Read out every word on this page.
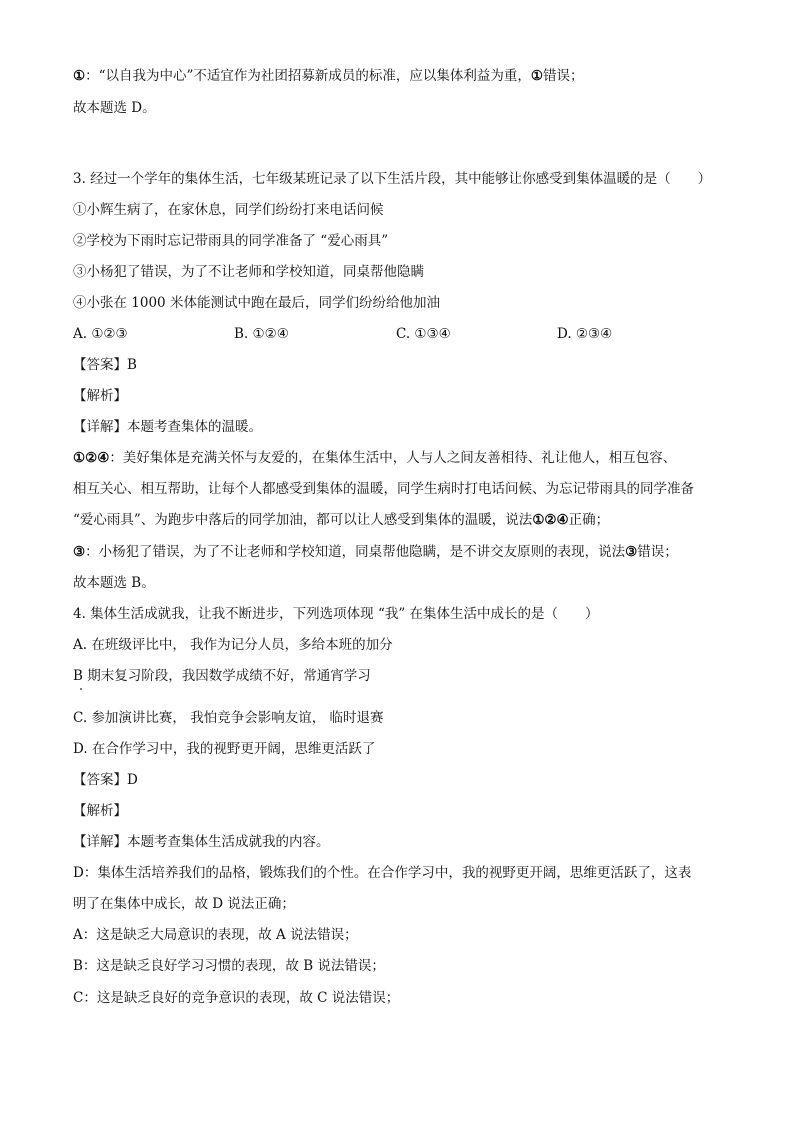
①：“以自我为中心”不适宜作为社团招募新成员的标准，应以集体利益为重，①错误；
故本题选 D。
3. 经过一个学年的集体生活，七年级某班记录了以下生活片段，其中能够让你感受到集体温暖的是（　　）
①小辉生病了，在家休息，同学们纷纷打来电话问候
②学校为下雨时忘记带雨具的同学准备了 “爱心雨具”
③小杨犯了错误，为了不让老师和学校知道，同桌帮他隐瞒
④小张在 1000 米体能测试中跑在最后，同学们纷纷给他加油
A. ①②③	B. ①②④	C. ①③④	D. ②③④
【答案】B
【解析】
【详解】本题考查集体的温暖。
①②④：美好集体是充满关怀与友爱的，在集体生活中，人与人之间友善相待、礼让他人，相互包容、
相互关心、相互帮助，让每个人都感受到集体的温暖，同学生病时打电话问候、为忘记带雨具的同学准备
“爱心雨具”、为跑步中落后的同学加油，都可以让人感受到集体的温暖，说法①②④正确；
③：小杨犯了错误，为了不让老师和学校知道，同桌帮他隐瞒，是不讲交友原则的表现，说法③错误；
故本题选 B。
4. 集体生活成就我，让我不断进步，下列选项体现 “我” 在集体生活中成长的是（　　）
A. 在班级评比中， 我作为记分人员，多给本班的加分
B 期末复习阶段，我因数学成绩不好，常通宵学习
C. 参加演讲比赛， 我怕竞争会影响友谊， 临时退赛
D. 在合作学习中，我的视野更开阔，思维更活跃了
【答案】D
【解析】
【详解】本题考查集体生活成就我的内容。
D：集体生活培养我们的品格，锻炼我们的个性。在合作学习中，我的视野更开阔，思维更活跃了，这表
明了在集体中成长，故 D 说法正确；
A：这是缺乏大局意识的表现，故 A 说法错误；
B：这是缺乏良好学习习惯的表现，故 B 说法错误；
C：这是缺乏良好的竞争意识的表现，故 C 说法错误；
